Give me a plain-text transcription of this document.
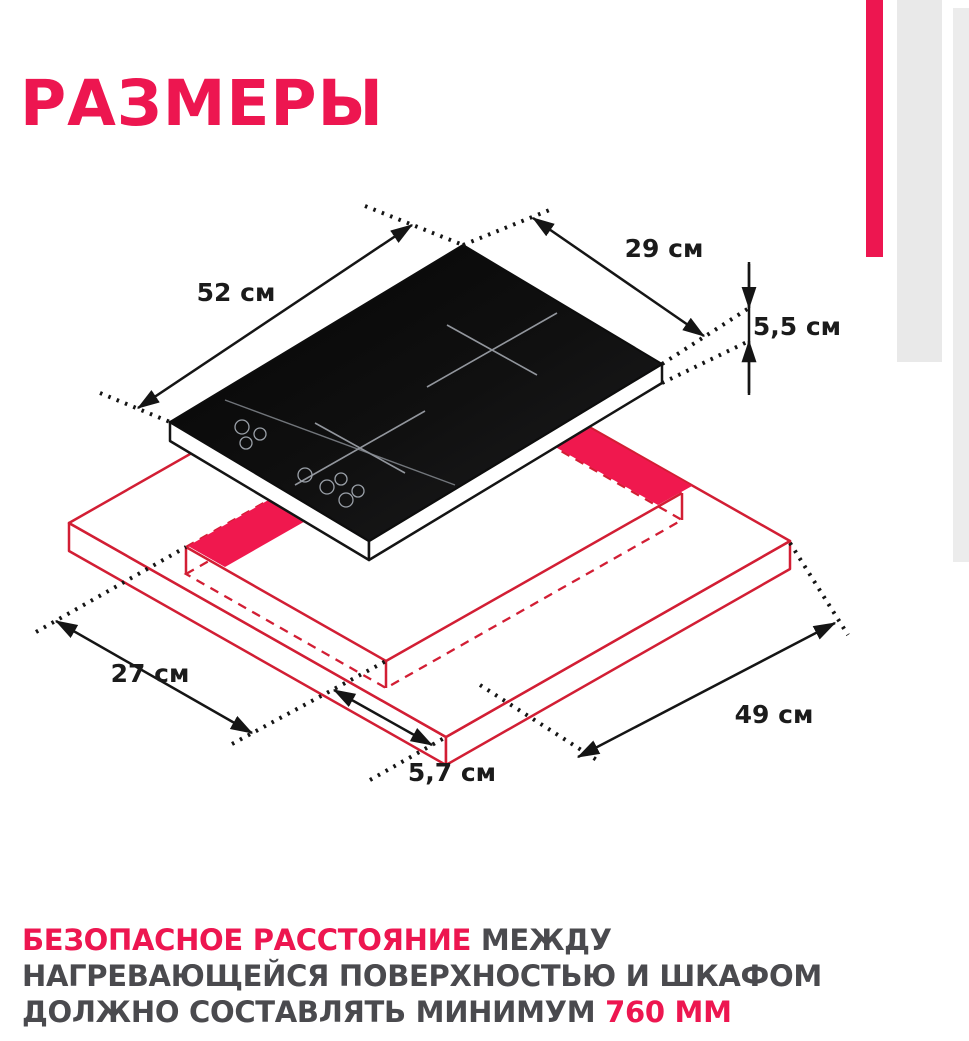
52 см
29 см
5,5 см
27 см
5,7 см
49 см
РАЗМЕРЫ
БЕЗОПАСНОЕ РАССТОЯНИЕ МЕЖДУ
НАГРЕВАЮЩЕЙСЯ ПОВЕРХНОСТЬЮ И ШКАФОМ
ДОЛЖНО СОСТАВЛЯТЬ МИНИМУМ 760 ММ
